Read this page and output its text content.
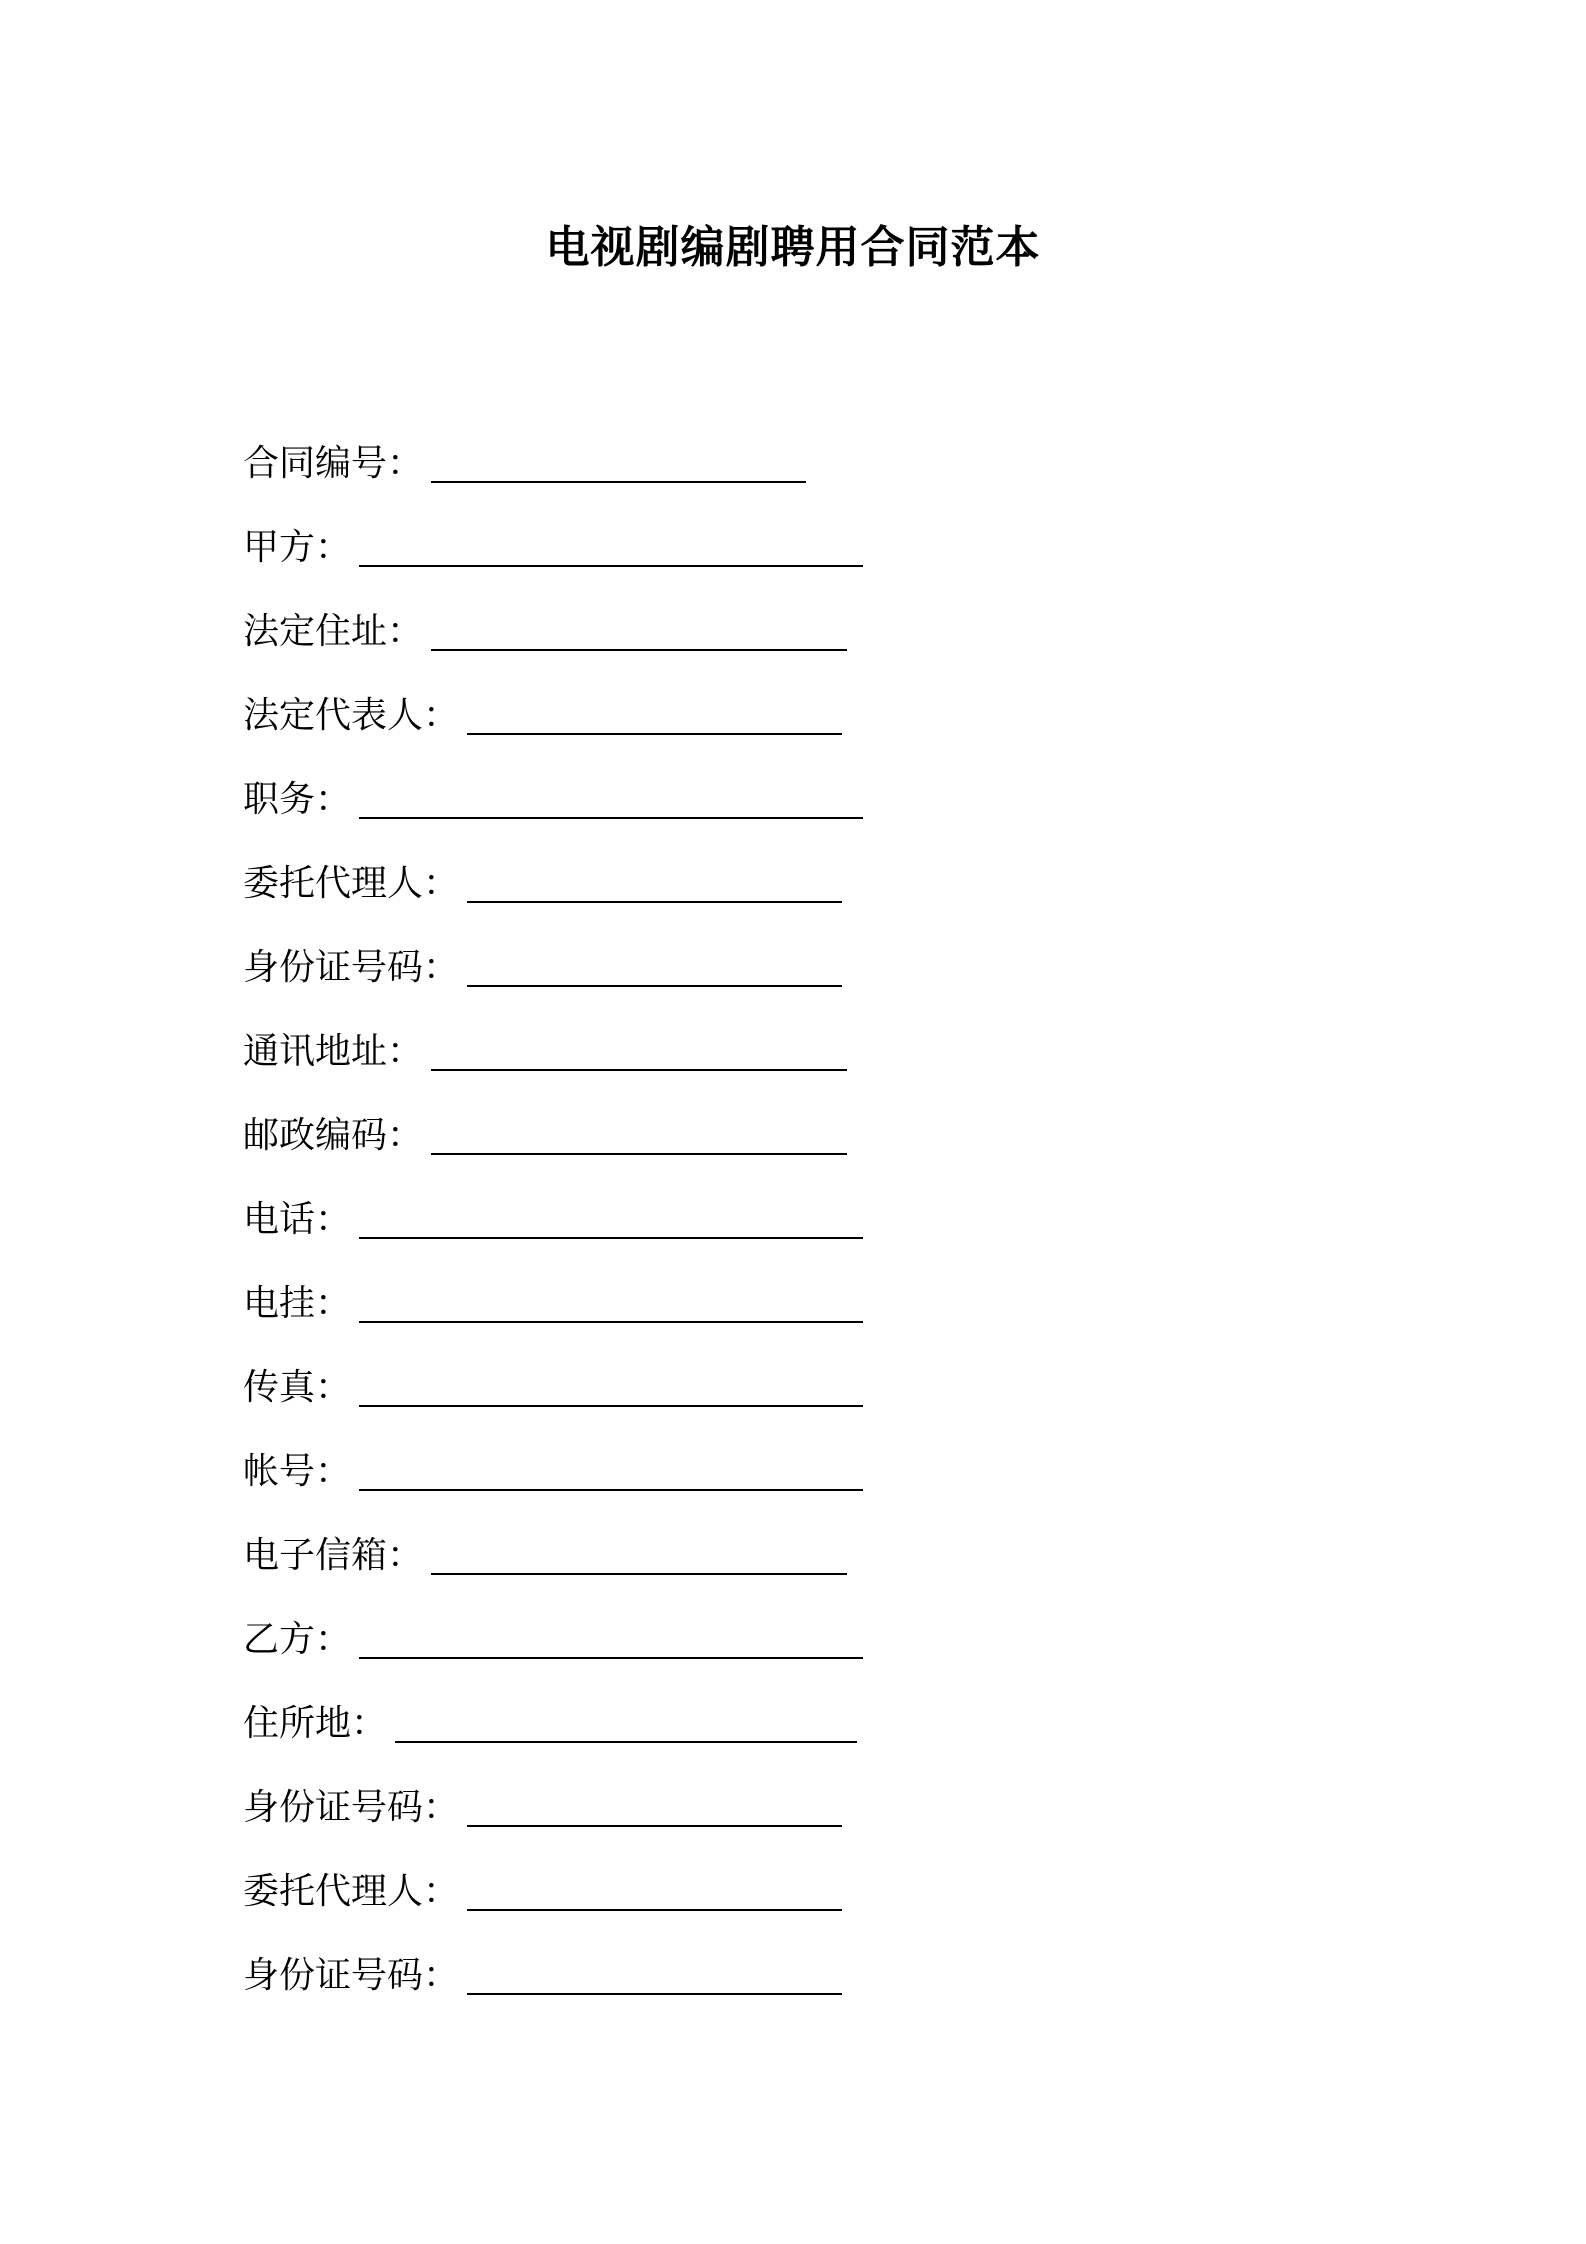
电视剧编剧聘用合同范本
合同编号：
甲方：
法定住址：
法定代表人：
职务：
委托代理人：
身份证号码：
通讯地址：
邮政编码：
电话：
电挂：
传真：
帐号：
电子信箱：
乙方：
住所地：
身份证号码：
委托代理人：
身份证号码：
